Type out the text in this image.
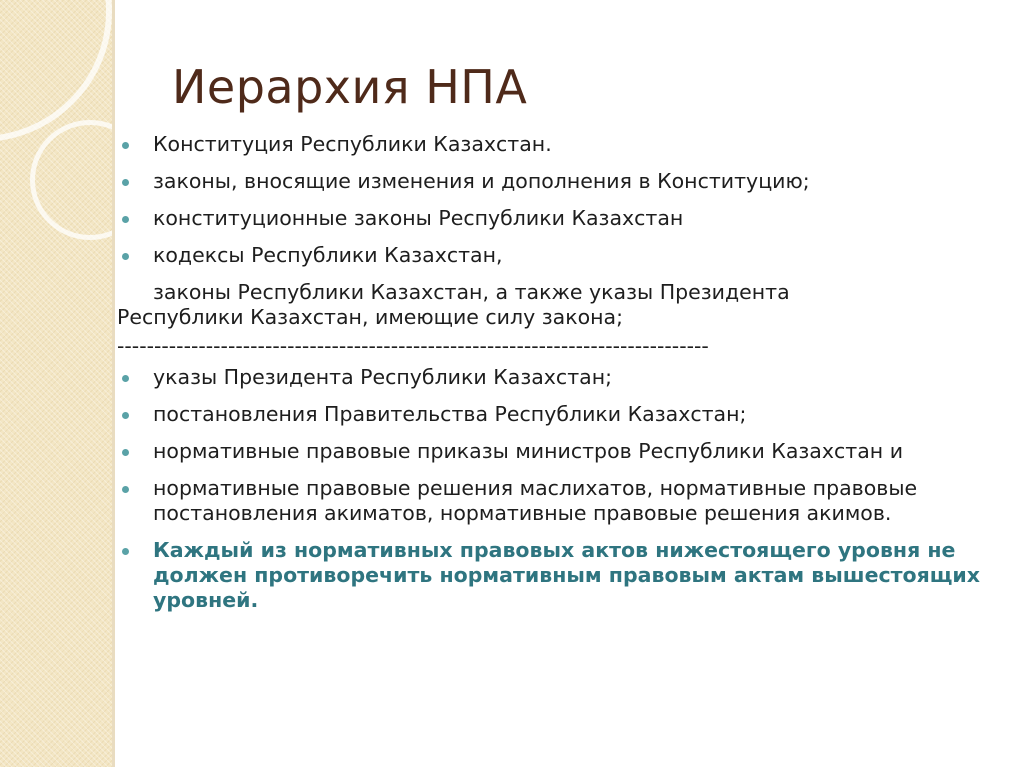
Иерархия НПА
Конституция Республики Казахстан.
законы, вносящие изменения и дополнения в Конституцию;
конституционные законы Республики Казахстан
кодексы Республики Казахстан,
законы Республики Казахстан, а также указы Президента
Республики Казахстан, имеющие силу закона;
--------------------------------------------------------------------------------
указы Президента Республики Казахстан;
постановления Правительства Республики Казахстан;
нормативные правовые приказы министров Республики Казахстан и
нормативные правовые решения маслихатов, нормативные правовые постановления акиматов, нормативные правовые решения акимов.
Каждый из нормативных правовых актов нижестоящего уровня не должен противоречить нормативным правовым актам вышестоящих уровней.
